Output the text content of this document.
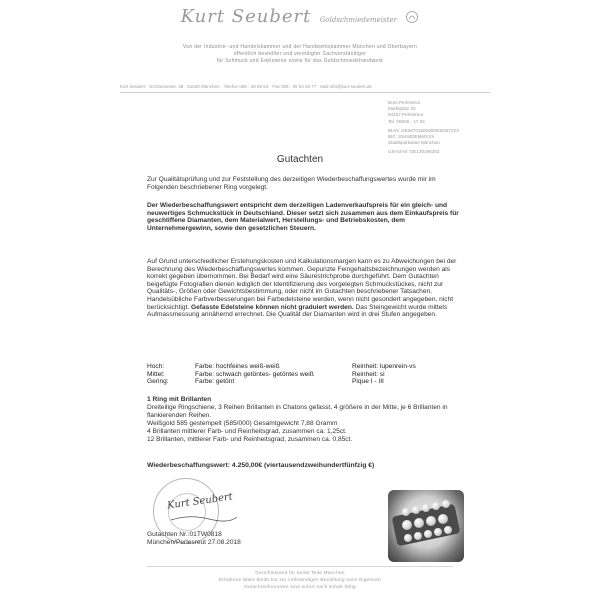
Kurt Seubert Goldschmiedemeister
Von der Industrie- und Handelskammer und der Handwerkskammer München und Oberbayern
öffentlich bestellter und vereidigter Sachverständiger
für Schmuck und Edelsteine sowie für das Goldschmiedehandwerk
Kurt Seubert · Schrannenstr. 38 · 81539 München · Telefon 089 - 28 65 64 · Fax 089 - 25 54 26 77 · Mail info@kurt-seubert.de
Büro Perlesreut
Marktplatz 20
94157 Perlesreut
Tel. 08555 - 17 25
IBAN: DE26701500000000487223
BIC: SSKMDEMMXXX
Stadtsparkasse München
USt-Id-Nr: DE130196353
Gutachten
Zur Qualitätsprüfung und zur Feststellung des derzeitigen Wiederbeschaffungswertes wurde mir im Folgenden beschriebener Ring vorgelegt.
Der Wiederbeschaffungswert entspricht dem derzeitigen Ladenverkaufspreis für ein gleich- und neuwertiges Schmuckstück in Deutschland. Dieser setzt sich zusammen aus dem Einkaufspreis für geschliffene Diamanten, dem Materialwert, Herstellungs- und Betriebskosten, dem Unternehmergewinn, sowie den gesetzlichen Steuern.
Auf Grund unterschiedlicher Erstehungskosten und Kalkulationsmargen kann es zu Abweichungen bei der Berechnung des Wiederbeschaffungswertes kommen. Gepunzte Feingehaltsbezeichnungen werden als korrekt gegeben übernommen. Bei Bedarf wird eine Säurestrichprobe durchgeführt. Dem Gutachten beigefügte Fotografien dienen lediglich der Identifizierung des vorgelegten Schmuckstückes, nicht zur Qualitäts-, Größen oder Gewichtsbestimmung, oder nicht im Gutachten beschriebener Tatsachen. Handelsübliche Farbverbesserungen bei Farbedelsteine werden, wenn nicht gesondert angegeben, nicht berücksichtigt. Gefasste Edelsteine können nicht graduiert werden. Das Steingewicht wurde mittels Aufmassmessung annähernd errechnet. Die Qualität der Diamanten wird in drei Stufen angegeben.
Hoch:	Farbe: hochfeines weiß-weiß	Reinheit: lupenrein-vs
Mittel:	Farbe: schwach getöntes- getöntes weiß	Reinheit: si
Gering:	Farbe: getönt	Pique I - III
1 Ring mit Brillanten
Dreiteilige Ringschiene, 3 Reihen Brillanten in Chatons gefasst, 4 größere in der Mitte, je 6 Brillanten in flankierenden Reihen.
Weißgold 585 gestempelt (585/000) Gesamtgewicht 7,88 Gramm
4 Brillanten mittlerer Farb- und Reinheitsgrad, zusammen ca. 1,25ct.
12 Brillanten, mittlerer Farb- und Reinheitsgrad, zusammen ca. 0,85ct.
Wiederbeschaffungswert: 4.250,00€ (viertausendzweihundertfünfzig €)
Kurt Seubert
Gutachten Nr.:01TW0818
München/Perlesreut 27.08.2018
Gerichtsstand für beide Teile München
Erhaltene Ware bleibt bis zur vollständigen Bezahlung mein Eigentum
Gutachtenhonorare sind sofort nach Erhalt fällig
